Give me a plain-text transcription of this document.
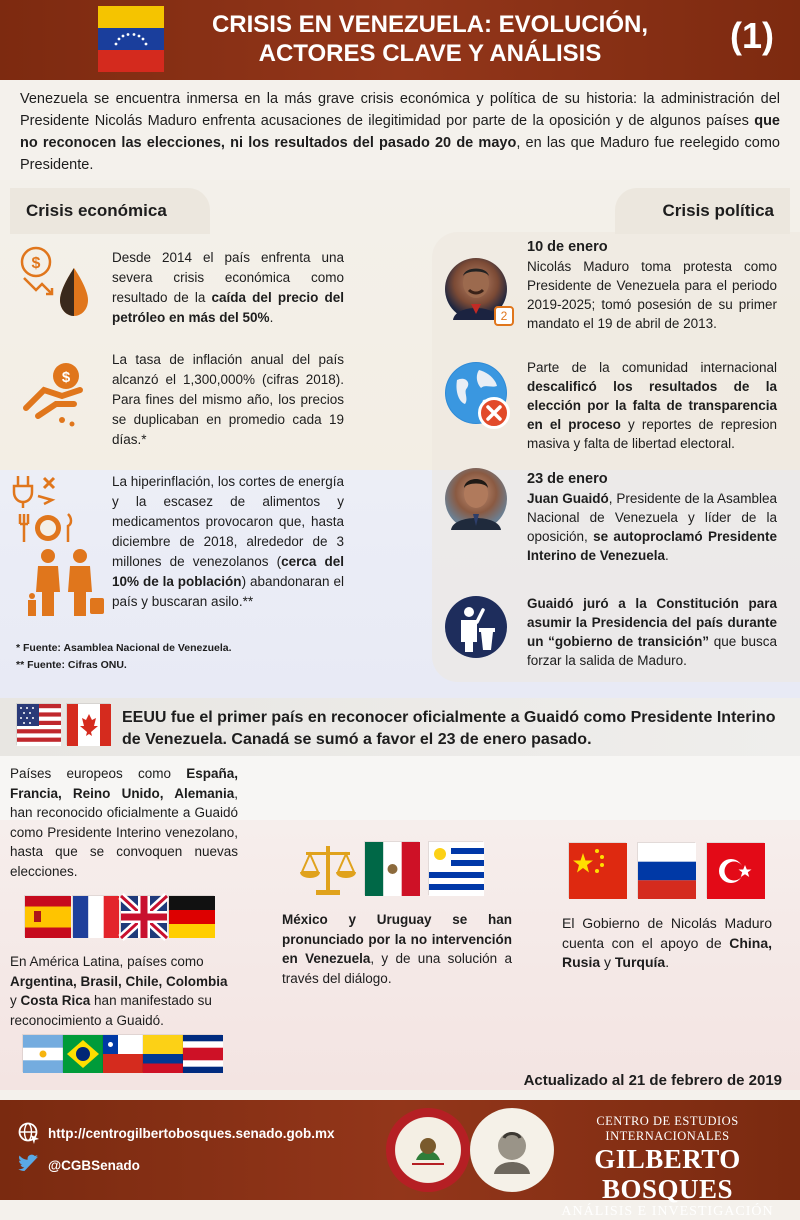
CRISIS EN VENEZUELA: EVOLUCIÓN,
ACTORES CLAVE Y ANÁLISIS	(1)
Venezuela se encuentra inmersa en la más grave crisis económica y política de su historia: la administración del Presidente Nicolás Maduro enfrenta acusaciones de ilegitimidad por parte de la oposición y de algunos países que no reconocen las elecciones, ni los resultados del pasado 20 de mayo, en las que Maduro fue reelegido como Presidente.
Crisis económica	Crisis política
$
$
Desde 2014 el país enfrenta una severa crisis económica como resultado de la caída del precio del petróleo en más del 50%.
La tasa de inflación anual del país alcanzó el 1,300,000% (cifras 2018). Para fines del mismo año, los precios se duplicaban en promedio cada 19 días.*
La hiperinflación, los cortes de energía y la escasez de alimentos y medicamentos provocaron que, hasta diciembre de 2018, alrededor de 3 millones de venezolanos (cerca del 10% de la población) abandonaran el país y buscaran asilo.**
* Fuente: Asamblea Nacional de Venezuela.
** Fuente: Cifras ONU.
2
10 de enero
Nicolás Maduro toma protesta como Presidente de Venezuela para el periodo 2019-2025; tomó posesión de su primer mandato el 19 de abril de 2013.
Parte de la comunidad internacional descalificó los resultados de la elección por la falta de transparencia en el proceso y reportes de represion masiva y falta de libertad electoral.
23 de enero
Juan Guaidó, Presidente de la Asamblea Nacional de Venezuela y líder de la oposición, se autoproclamó Presidente Interino de Venezuela.
Guaidó juró a la Constitución para asumir la Presidencia del país durante un “gobierno de transición” que busca forzar la salida de Maduro.
EEUU fue el primer país en reconocer oficialmente a Guaidó como Presidente Interino de Venezuela. Canadá se sumó a favor el 23 de enero pasado.
Países europeos como España, Francia, Reino Unido, Alemania, han reconocido oficialmente a Guaidó como Presidente Interino venezolano, hasta que se convoquen nuevas elecciones.
En América Latina, países como Argentina, Brasil, Chile, Colombia y Costa Rica han manifestado su reconocimiento a Guaidó.
México y Uruguay se han pronunciado por la no intervención en Venezuela, y de una solución a través del diálogo.
El Gobierno de Nicolás Maduro cuenta con el apoyo de China, Rusia y Turquía.
Actualizado al 21 de febrero de 2019
http://centrogilbertobosques.senado.gob.mx
@CGBSenado
CENTRO DE ESTUDIOS INTERNACIONALES
GILBERTO BOSQUES
ANÁLISIS E INVESTIGACIÓN
